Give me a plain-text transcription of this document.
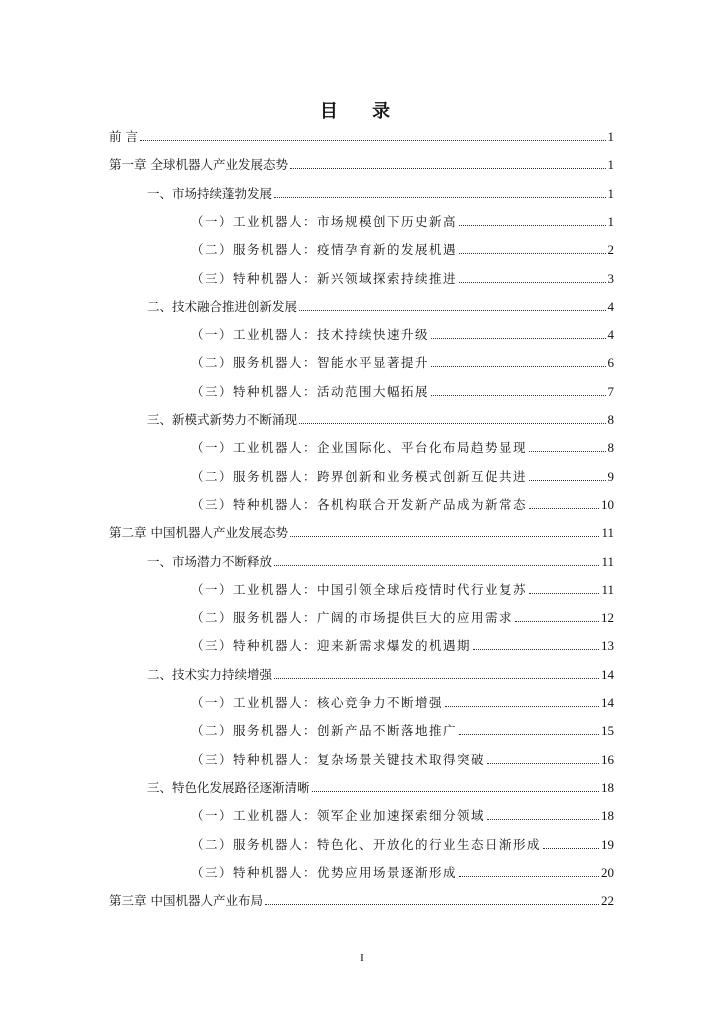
目 录
前 言	1
第一章 全球机器人产业发展态势	1
一、市场持续蓬勃发展	1
（一）工业机器人：市场规模创下历史新高	1
（二）服务机器人：疫情孕育新的发展机遇	2
（三）特种机器人：新兴领域探索持续推进	3
二、技术融合推进创新发展	4
（一）工业机器人：技术持续快速升级	4
（二）服务机器人：智能水平显著提升	6
（三）特种机器人：活动范围大幅拓展	7
三、新模式新势力不断涌现	8
（一）工业机器人：企业国际化、平台化布局趋势显现	8
（二）服务机器人：跨界创新和业务模式创新互促共进	9
（三）特种机器人：各机构联合开发新产品成为新常态	10
第二章 中国机器人产业发展态势	11
一、市场潜力不断释放	11
（一）工业机器人：中国引领全球后疫情时代行业复苏	11
（二）服务机器人：广阔的市场提供巨大的应用需求	12
（三）特种机器人：迎来新需求爆发的机遇期	13
二、技术实力持续增强	14
（一）工业机器人：核心竞争力不断增强	14
（二）服务机器人：创新产品不断落地推广	15
（三）特种机器人：复杂场景关键技术取得突破	16
三、特色化发展路径逐渐清晰	18
（一）工业机器人：领军企业加速探索细分领域	18
（二）服务机器人：特色化、开放化的行业生态日渐形成	19
（三）特种机器人：优势应用场景逐渐形成	20
第三章 中国机器人产业布局	22
I
